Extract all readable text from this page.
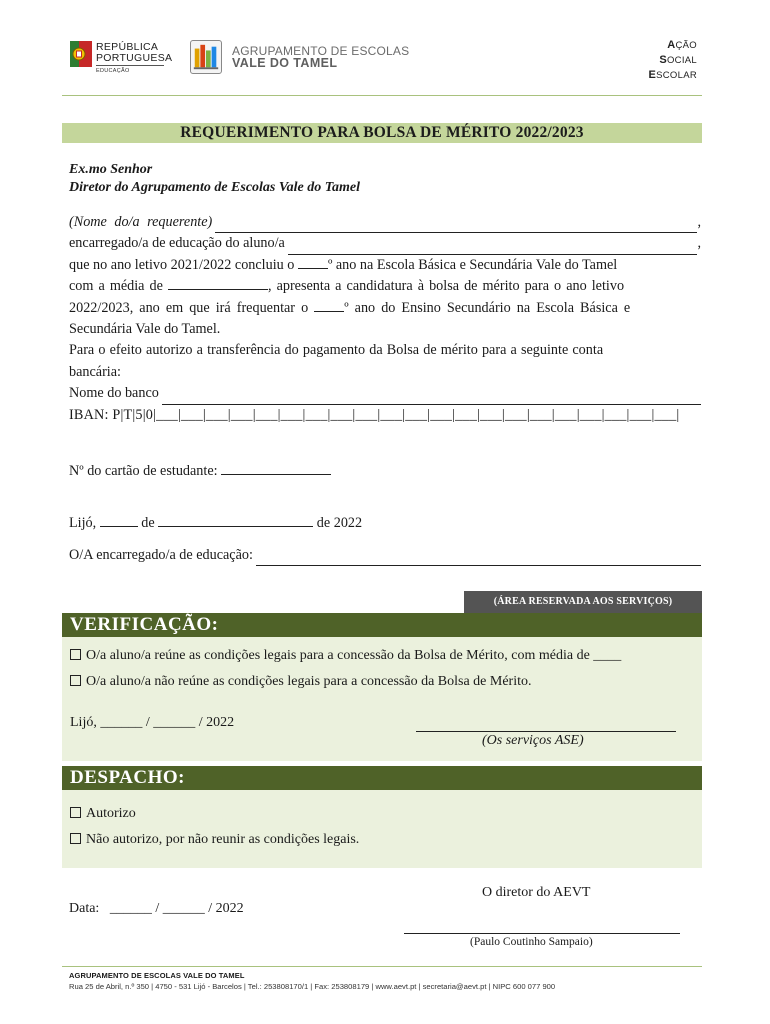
REPÚBLICA
PORTUGUESA
EDUCAÇÃO
AGRUPAMENTO DE ESCOLAS
VALE DO TAMEL
AÇÃO
SOCIAL
ESCOLAR
REQUERIMENTO PARA BOLSA DE MÉRITO 2022/2023
Ex.mo Senhor
Diretor do Agrupamento de Escolas Vale do Tamel
(Nome do/a requerente)	,
encarregado/a de educação do aluno/a	,
que no ano letivo 2021/2022 concluiu o º ano na Escola Básica e Secundária Vale do Tamel
com a média de	, apresenta a candidatura à bolsa de mérito para o ano letivo
2022/2023, ano em que irá frequentar o	º ano do Ensino Secundário na Escola Básica e
Secundária Vale do Tamel.
Para o efeito autorizo a transferência do pagamento da Bolsa de mérito para a seguinte conta
bancária:
Nome do banco
IBAN: P|T|5|0|___|___|___|___|___|___|___|___|___|___|___|___|___|___|___|___|___|___|___|___|___|
Nº do cartão de estudante:
Lijó,	de	de 2022
O/A encarregado/a de educação:
(ÁREA RESERVADA AOS SERVIÇOS)
VERIFICAÇÃO:
O/a aluno/a reúne as condições legais para a concessão da Bolsa de Mérito, com média de ____
O/a aluno/a não reúne as condições legais para a concessão da Bolsa de Mérito.
Lijó, ______ / ______ / 2022
(Os serviços ASE)
DESPACHO:
Autorizo
Não autorizo, por não reunir as condições legais.
Data:   ______ / ______ / 2022
O diretor do AEVT
(Paulo Coutinho Sampaio)
AGRUPAMENTO DE ESCOLAS VALE DO TAMEL
Rua 25 de Abril, n.º 350 | 4750 - 531 Lijó - Barcelos | Tel.: 253808170/1 | Fax: 253808179 | www.aevt.pt | secretaria@aevt.pt | NIPC 600 077 900
